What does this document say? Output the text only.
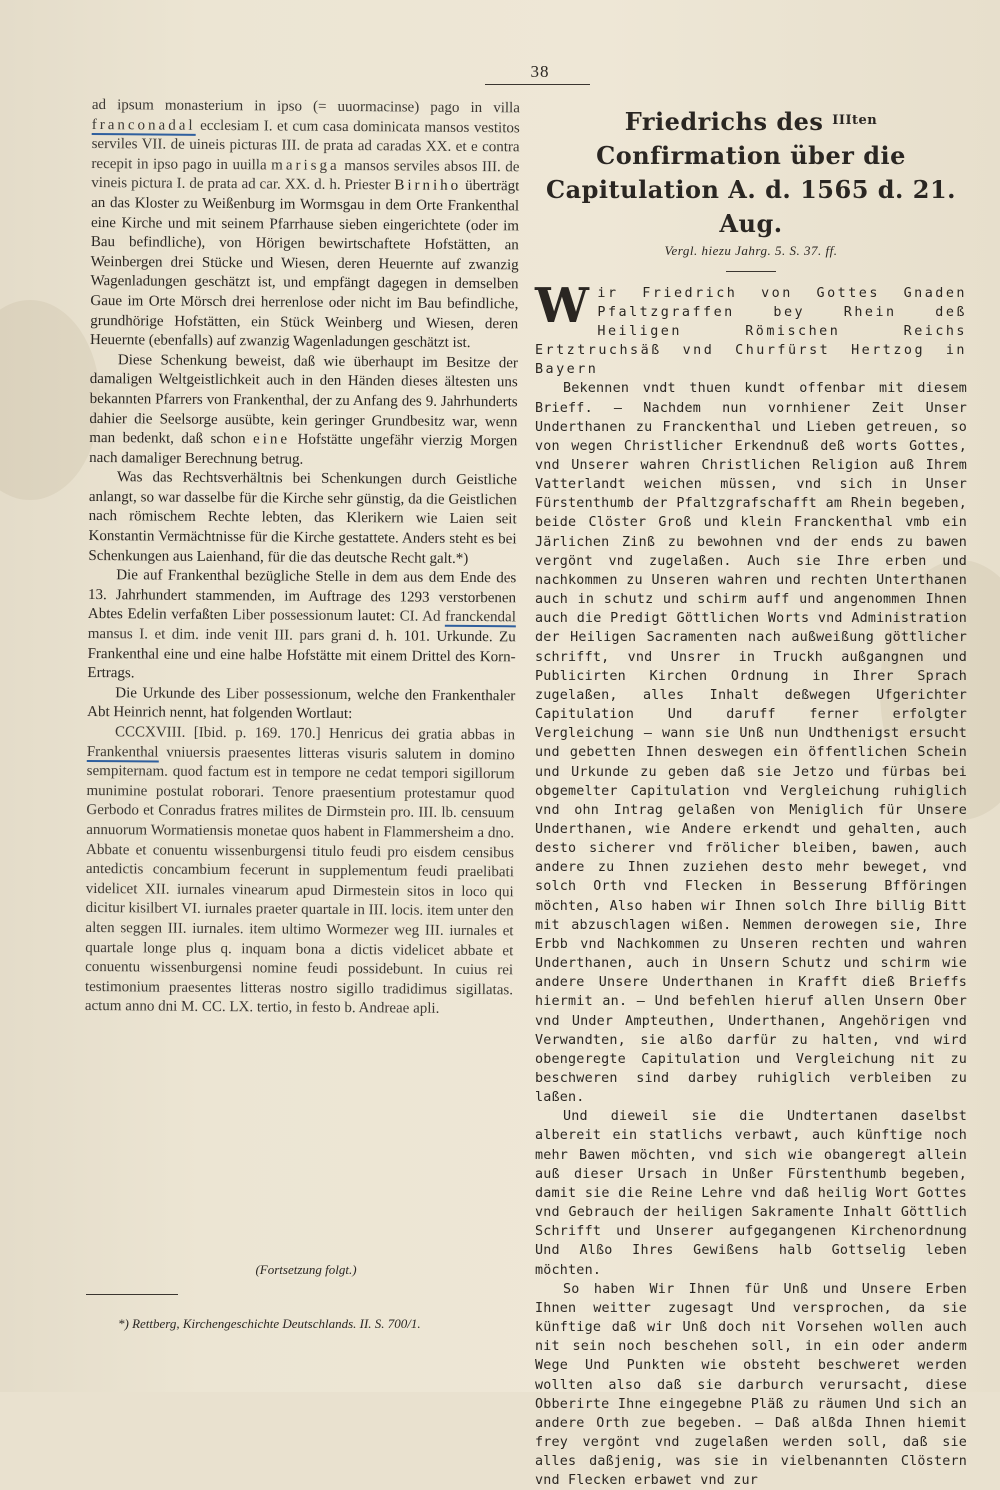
38

ad ipsum monasterium in ipso (= uuormacinse) pago in villa franconadal ecclesiam I. et cum casa dominicata mansos vestitos serviles VII. de uineis picturas III. de prata ad caradas XX. et e contra recepit in ipso pago in uuilla marisga mansos serviles absos III. de vineis pictura I. de prata ad car. XX. d. h. Priester Birniho überträgt an das Kloster zu Weißenburg im Wormsgau in dem Orte Frankenthal eine Kirche und mit seinem Pfarrhause sieben eingerichtete (oder im Bau befindliche), von Hörigen bewirtschaftete Hofstätten, an Weinbergen drei Stücke und Wiesen, deren Heuernte auf zwanzig Wagenladungen geschätzt ist, und empfängt dagegen in demselben Gaue im Orte Mörsch drei herrenlose oder nicht im Bau befindliche, grundhörige Hofstätten, ein Stück Weinberg und Wiesen, deren Heuernte (ebenfalls) auf zwanzig Wagenladungen geschätzt ist.

Diese Schenkung beweist, daß wie überhaupt im Besitze der damaligen Weltgeistlichkeit auch in den Händen dieses ältesten uns bekannten Pfarrers von Frankenthal, der zu Anfang des 9. Jahrhunderts dahier die Seelsorge ausübte, kein geringer Grundbesitz war, wenn man bedenkt, daß schon eine Hofstätte ungefähr vierzig Morgen nach damaliger Berechnung betrug.

Was das Rechtsverhältnis bei Schenkungen durch Geistliche anlangt, so war dasselbe für die Kirche sehr günstig, da die Geistlichen nach römischem Rechte lebten, das Klerikern wie Laien seit Konstantin Vermächtnisse für die Kirche gestattete. Anders steht es bei Schenkungen aus Laienhand, für die das deutsche Recht galt.*)

Die auf Frankenthal bezügliche Stelle in dem aus dem Ende des 13. Jahrhundert stammenden, im Auftrage des 1293 verstorbenen Abtes Edelin verfaßten Liber possessionum lautet: CI. Ad franckendal mansus I. et dim. inde venit III. pars grani d. h. 101. Urkunde. Zu Frankenthal eine und eine halbe Hofstätte mit einem Drittel des Korn-Ertrags.

Die Urkunde des Liber possessionum, welche den Frankenthaler Abt Heinrich nennt, hat folgenden Wortlaut:

CCCXVIII. [Ibid. p. 169. 170.] Henricus dei gratia abbas in Frankenthal vniuersis praesentes litteras visuris salutem in domino sempiternam. quod factum est in tempore ne cedat tempori sigillorum munimine postulat roborari. Tenore praesentium protestamur quod Gerbodo et Conradus fratres milites de Dirmstein pro. III. lb. censuum annuorum Wormatiensis monetae quos habent in Flammersheim a dno. Abbate et conuentu wissenburgensi titulo feudi pro eisdem censibus antedictis concambium fecerunt in supplementum feudi praelibati videlicet XII. iurnales vinearum apud Dirmestein sitos in loco qui dicitur kisilbert VI. iurnales praeter quartale in III. locis. item unter den alten seggen III. iurnales. item ultimo Wormezer weg III. iurnales et quartale longe plus q. inquam bona a dictis videlicet abbate et conuentu wissenburgensi nomine feudi possidebunt. In cuius rei testimonium praesentes litteras nostro sigillo tradidimus sigillatas. actum anno dni M. CC. LX. tertio, in festo b. Andreae apli.

(Fortsetzung folgt.)
*) Rettberg, Kirchengeschichte Deutschlands. II. S. 700/1.

Friedrichs des $^{IIIten}$ Confirmation über die Capitulation A. d. 1565 d. 21. Aug.

Vergl. hiezu Jahrg. 5. S. 37. ff.

Wir Friedrich von Gottes Gnaden Pfaltzgraffen bey Rhein deß Heiligen Römischen Reichs Ertztruchsäß vnd Churfürst Hertzog in Bayern

Bekennen vndt thuen kundt offenbar mit diesem Brieff. — Nachdem nun vornhiener Zeit Unser Underthanen zu Franckenthal und Lieben getreuen, so von wegen Christlicher Erkendnuß deß worts Gottes, vnd Unserer wahren Christlichen Religion auß Ihrem Vatterlandt weichen müssen, vnd sich in Unser Fürstenthumb der Pfaltzgrafschafft am Rhein begeben, beide Clöster Groß und klein Franckenthal vmb ein Järlichen Zinß zu bewohnen vnd der ends zu bawen vergönt vnd zugelaßen. Auch sie Ihre erben und nachkommen zu Unseren wahren und rechten Unterthanen auch in schutz und schirm auff und angenommen Ihnen auch die Predigt Göttlichen Worts vnd Administration der Heiligen Sacramenten nach außweißung göttlicher schrifft, vnd Unsrer in Truckh außgangnen und Publicirten Kirchen Ordnung in Ihrer Sprach zugelaßen, alles Inhalt deßwegen Ufgerichter Capitulation Und daruff ferner erfolgter Vergleichung — wann sie Unß nun Undthenigst ersucht und gebetten Ihnen deswegen ein öffentlichen Schein und Urkunde zu geben daß sie Jetzo und fürbas bei obgemelter Capitulation vnd Vergleichung ruhiglich vnd ohn Intrag gelaßen von Meniglich für Unsere Underthanen, wie Andere erkendt und gehalten, auch desto sicherer vnd frölicher bleiben, bawen, auch andere zu Ihnen zuziehen desto mehr beweget, vnd solch Orth vnd Flecken in Besserung Bfföringen möchten, Also haben wir Ihnen solch Ihre billig Bitt mit abzuschlagen wißen. Nemmen derowegen sie, Ihre Erbb vnd Nachkommen zu Unseren rechten und wahren Underthanen, auch in Unsern Schutz und schirm wie andere Unsere Underthanen in Krafft dieß Brieffs hiermit an. — Und befehlen hieruf allen Unsern Ober vnd Under Ampteuthen, Underthanen, Angehörigen vnd Verwandten, sie alßo darfür zu halten, vnd wird obengeregte Capitulation und Vergleichung nit zu beschweren sind darbey ruhiglich verbleiben zu laßen.

Und dieweil sie die Undtertanen daselbst albereit ein statlichs verbawt, auch künftige noch mehr Bawen möchten, vnd sich wie obangeregt allein auß dieser Ursach in Unßer Fürstenthumb begeben, damit sie die Reine Lehre vnd daß heilig Wort Gottes vnd Gebrauch der heiligen Sakramente Inhalt Göttlich Schrifft und Unserer aufgegangenen Kirchenordnung Und Alßo Ihres Gewißens halb Gottselig leben möchten.

So haben Wir Ihnen für Unß und Unsere Erben Ihnen weitter zugesagt Und versprochen, da sie künftige daß wir Unß doch nit Vorsehen wollen auch nit sein noch beschehen soll, in ein oder anderm Wege Und Punkten wie obsteht beschweret werden wollten also daß sie darburch verursacht, diese Obberirte Ihne eingegebne Pläß zu räumen Und sich an andere Orth zue begeben. — Daß alßda Ihnen hiemit frey vergönt vnd zugelaßen werden soll, daß sie alles daßjenig, was sie in vielbenannten Clöstern vnd Flecken erbawet vnd zur
